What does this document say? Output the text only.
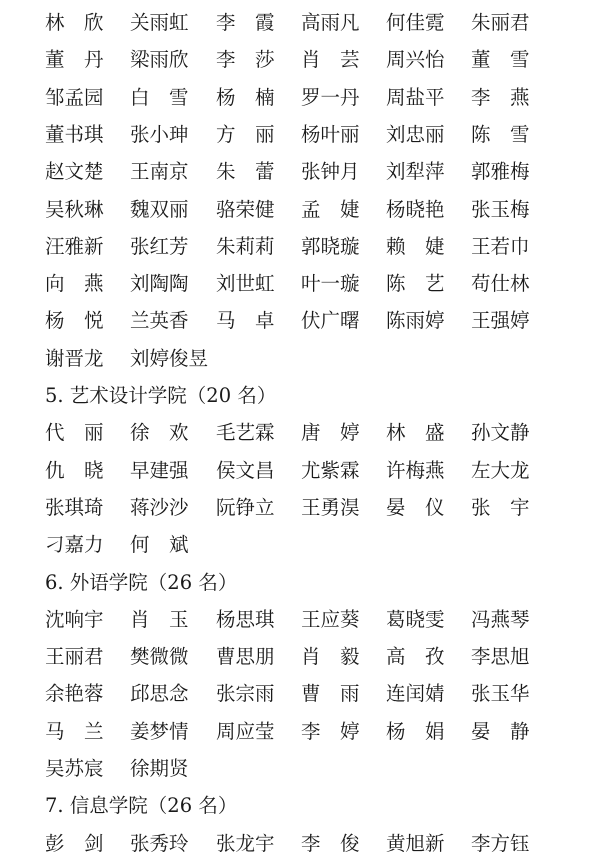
林　欣	关雨虹	李　霞	高雨凡	何佳霓	朱丽君
董　丹	梁雨欣	李　莎	肖　芸	周兴怡	董　雪
邹孟园	白　雪	杨　楠	罗一丹	周盐平	李　燕
董书琪	张小珅	方　丽	杨叶丽	刘忠丽	陈　雪
赵文楚	王南京	朱　蕾	张钟月	刘犁萍	郭雅梅
吴秋琳	魏双丽	骆荣健	孟　婕	杨晓艳	张玉梅
汪雅新	张红芳	朱莉莉	郭晓璇	赖　婕	王若巾
向　燕	刘陶陶	刘世虹	叶一璇	陈　艺	苟仕林
杨　悦	兰英香	马　卓	伏广曙	陈雨婷	王强婷
谢晋龙	刘婷俊昱
5. 艺术设计学院（20 名）
代　丽	徐　欢	毛艺霖	唐　婷	林　盛	孙文静
仇　晓	早建强	侯文昌	尤紫霖	许梅燕	左大龙
张琪琦	蒋沙沙	阮铮立	王勇淏	晏　仪	张　宇
刁嘉力	何　斌
6. 外语学院（26 名）
沈响宇	肖　玉	杨思琪	王应葵	葛晓雯	冯燕琴
王丽君	樊微微	曹思朋	肖　毅	高　孜	李思旭
余艳蓉	邱思念	张宗雨	曹　雨	连闰婧	张玉华
马　兰	姜梦情	周应莹	李　婷	杨　娟	晏　静
吴苏宸	徐期贤
7. 信息学院（26 名）
彭　剑	张秀玲	张龙宇	李　俊	黄旭新	李方钰
